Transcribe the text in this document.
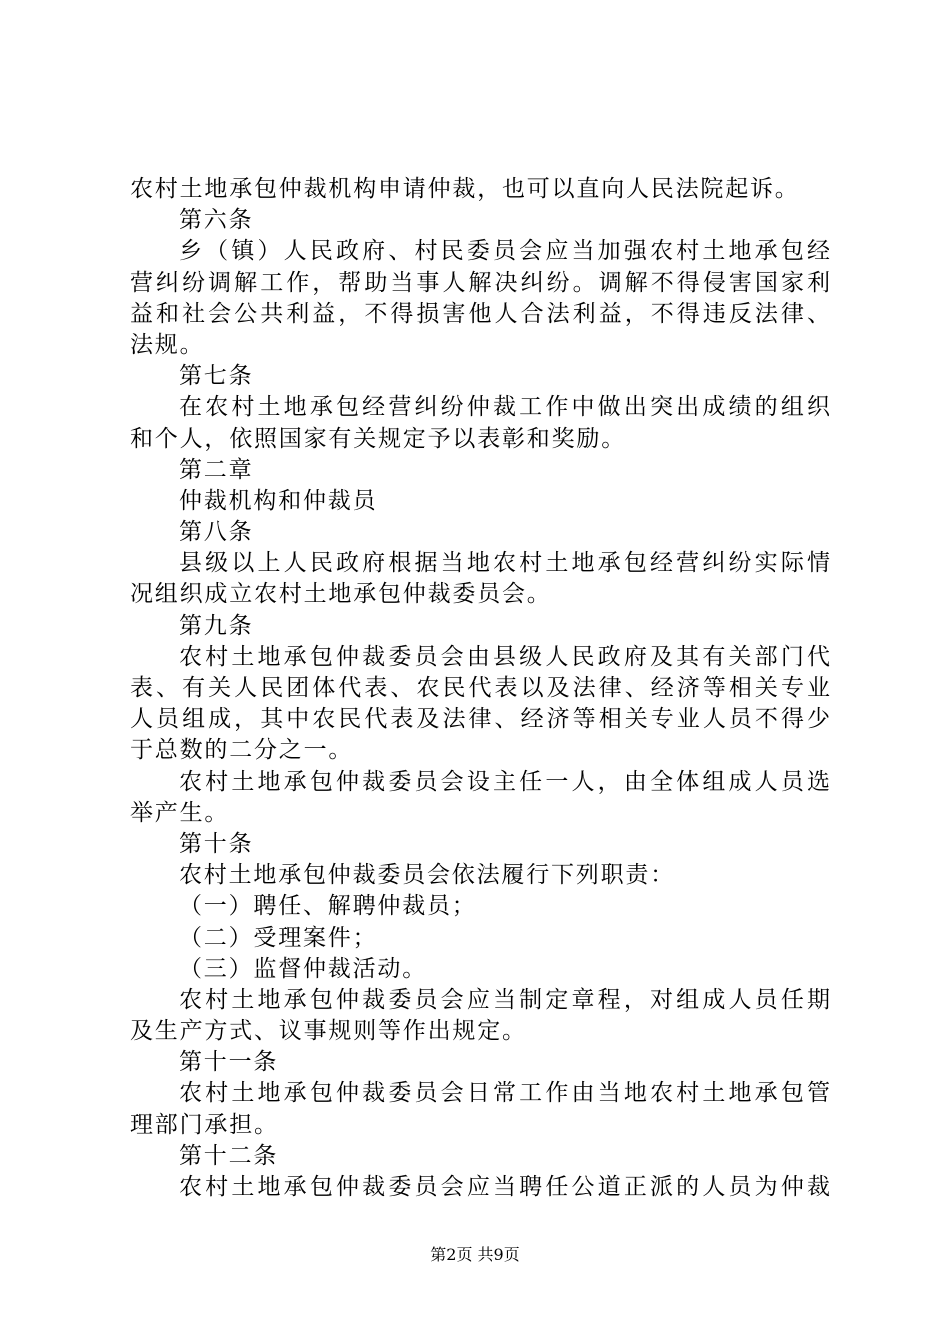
农村土地承包仲裁机构申请仲裁，也可以直向人民法院起诉。
第六条
乡（镇）人民政府、村民委员会应当加强农村土地承包经
营纠纷调解工作，帮助当事人解决纠纷。调解不得侵害国家利
益和社会公共利益，不得损害他人合法利益，不得违反法律、
法规。
第七条
在农村土地承包经营纠纷仲裁工作中做出突出成绩的组织
和个人，依照国家有关规定予以表彰和奖励。
第二章
仲裁机构和仲裁员
第八条
县级以上人民政府根据当地农村土地承包经营纠纷实际情
况组织成立农村土地承包仲裁委员会。
第九条
农村土地承包仲裁委员会由县级人民政府及其有关部门代
表、有关人民团体代表、农民代表以及法律、经济等相关专业
人员组成，其中农民代表及法律、经济等相关专业人员不得少
于总数的二分之一。
农村土地承包仲裁委员会设主任一人，由全体组成人员选
举产生。
第十条
农村土地承包仲裁委员会依法履行下列职责：
（一）聘任、解聘仲裁员；
（二）受理案件；
（三）监督仲裁活动。
农村土地承包仲裁委员会应当制定章程，对组成人员任期
及生产方式、议事规则等作出规定。
第十一条
农村土地承包仲裁委员会日常工作由当地农村土地承包管
理部门承担。
第十二条
农村土地承包仲裁委员会应当聘任公道正派的人员为仲裁
第2页 共9页
